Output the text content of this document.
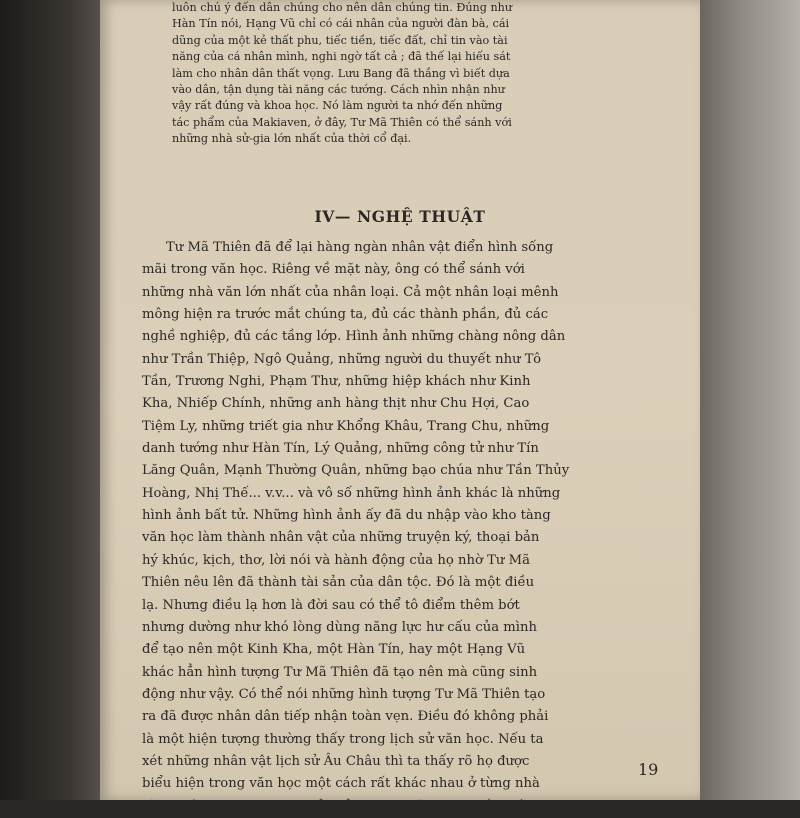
luôn chú ý đến dân chúng cho nên dân chúng tin. Đúng như
Hàn Tín nói, Hạng Vũ chỉ có cái nhân của người đàn bà, cái
dũng của một kẻ thất phu, tiếc tiền, tiếc đất, chỉ tin vào tài
năng của cá nhân mình, nghi ngờ tất cả ; đã thế lại hiếu sát
làm cho nhân dân thất vọng. Lưu Bang đã thắng vì biết dựa
vào dân, tận dụng tài năng các tướng. Cách nhìn nhận như
vậy rất đúng và khoa học. Nó làm người ta nhớ đến những
tác phẩm của Makiaven, ở đây, Tư Mã Thiên có thể sánh với
những nhà sử-gia lớn nhất của thời cổ đại.
IV— NGHỆ THUẬT
Tư Mã Thiên đã để lại hàng ngàn nhân vật điển hình sống
mãi trong văn học. Riêng về mặt này, ông có thể sánh với
những nhà văn lớn nhất của nhân loại. Cả một nhân loại mênh
mông hiện ra trước mắt chúng ta, đủ các thành phần, đủ các
nghề nghiệp, đủ các tầng lớp. Hình ảnh những chàng nông dân
như Trần Thiệp, Ngô Quảng, những người du thuyết như Tô
Tần, Trương Nghi, Phạm Thư, những hiệp khách như Kinh
Kha, Nhiếp Chính, những anh hàng thịt như Chu Hợi, Cao
Tiệm Ly, những triết gia như Khổng Khâu, Trang Chu, những
danh tướng như Hàn Tín, Lý Quảng, những công tử như Tín
Lăng Quân, Mạnh Thường Quân, những bạo chúa như Tần Thủy
Hoàng, Nhị Thế... v.v... và vô số những hình ảnh khác là những
hình ảnh bất tử. Những hình ảnh ấy đã du nhập vào kho tàng
văn học làm thành nhân vật của những truyện ký, thoại bản
hý khúc, kịch, thơ, lời nói và hành động của họ nhờ Tư Mã
Thiên nêu lên đã thành tài sản của dân tộc. Đó là một điều
lạ. Nhưng điều lạ hơn là đời sau có thể tô điểm thêm bớt
nhưng dường như khó lòng dùng năng lực hư cấu của mình
để tạo nên một Kinh Kha, một Hàn Tín, hay một Hạng Vũ
khác hẳn hình tượng Tư Mã Thiên đã tạo nên mà cũng sinh
động như vậy. Có thể nói những hình tượng Tư Mã Thiên tạo
ra đã được nhân dân tiếp nhận toàn vẹn. Điều đó không phải
là một hiện tượng thường thấy trong lịch sử văn học. Nếu ta
xét những nhân vật lịch sử Âu Châu thì ta thấy rõ họ được
biểu hiện trong văn học một cách rất khác nhau ở từng nhà
văn. Hiện tượng Catilina của sử gia La Mã Xanlut rất khác

19
